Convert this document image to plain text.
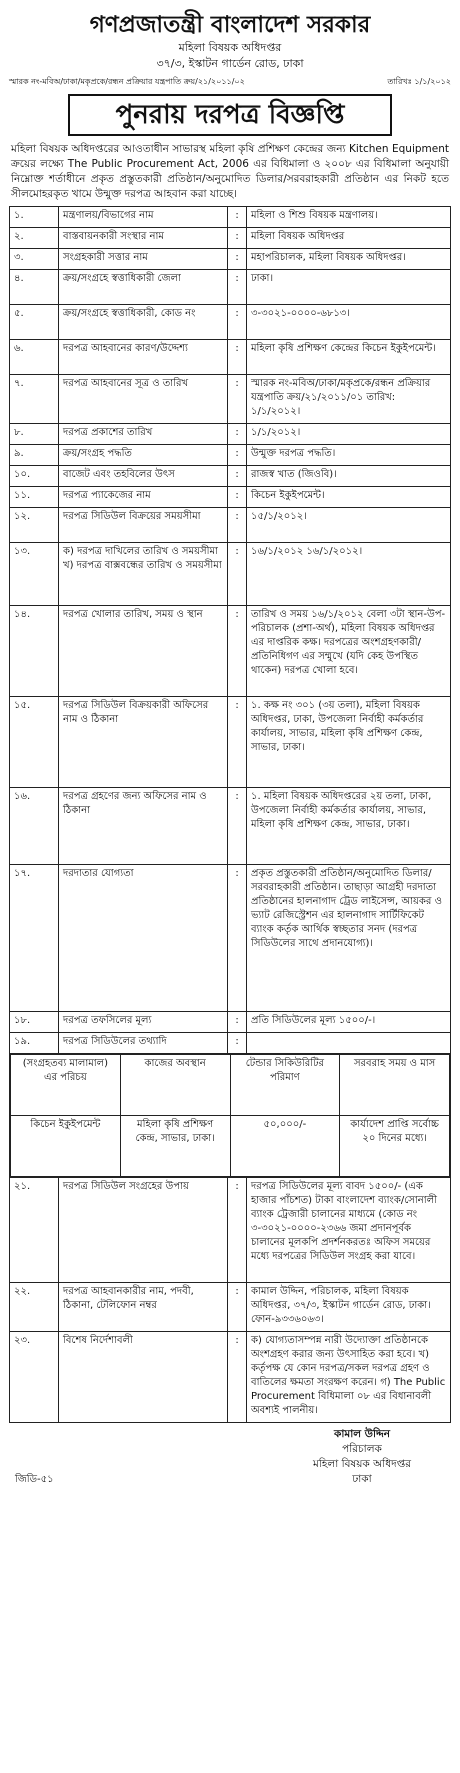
গণপ্রজাতন্ত্রী বাংলাদেশ সরকার
মহিলা বিষয়ক অধিদপ্তর
৩৭/৩, ইস্কাটন গার্ডেন রোড, ঢাকা
স্মারক নং-মবিঅ/ঢাকা/মকৃপ্রকে/রন্ধন প্রক্রিয়ার যন্ত্রপাতি ক্রয়/২১/২০১১/০২	তারিখঃ ১/১/২০১২
পুনরায় দরপত্র বিজ্ঞপ্তি
মহিলা বিষয়ক অধিদপ্তরের আওতাধীন সাভারস্থ মহিলা কৃষি প্রশিক্ষণ কেন্দ্রের জন্য Kitchen Equipment ক্রয়ের লক্ষ্যে The Public Procurement Act, 2006 এর বিধিমালা ও ২০০৮ এর বিধিমালা অনুযায়ী নিম্নোক্ত শর্তাধীনে প্রকৃত প্রস্তুতকারী প্রতিষ্ঠান/অনুমোদিত ডিলার/সরবরাহকারী প্রতিষ্ঠান এর নিকট হতে সীলমোহরকৃত খামে উন্মুক্ত দরপত্র আহবান করা যাচ্ছে।
১.	মন্ত্রণালয়/বিভাগের নাম	:	মহিলা ও শিশু বিষয়ক মন্ত্রণালয়।
২.	বাস্তবায়নকারী সংস্থার নাম	:	মহিলা বিষয়ক অধিদপ্তর
৩.	সংগ্রহকারী সত্তার নাম	:	মহাপরিচালক, মহিলা বিষয়ক অধিদপ্তর।
৪.	ক্রয়/সংগ্রহে স্বত্তাধিকারী জেলা	:	ঢাকা।
৫.	ক্রয়/সংগ্রহে স্বত্তাধিকারী, কোড নং	:	৩-৩০২১-০০০০-৬৮১৩।
৬.	দরপত্র আহবানের কারণ/উদ্দেশ্য	:	মহিলা কৃষি প্রশিক্ষণ কেন্দ্রের কিচেন ইকুইপমেন্ট।
৭.	দরপত্র আহবানের সূত্র ও তারিখ	:	স্মারক নং-মবিঅ/ঢাকা/মকৃপ্রকে/রন্ধন প্রক্রিয়ার যন্ত্রপাতি ক্রয়/২১/২০১১/০১ তারিখ: ১/১/২০১২।
৮.	দরপত্র প্রকাশের তারিখ	:	১/১/২০১২।
৯.	ক্রয়/সংগ্রহ পদ্ধতি	:	উন্মুক্ত দরপত্র পদ্ধতি।
১০.	বাজেট এবং তহবিলের উৎস	:	রাজস্ব খাত (জিওবি)।
১১.	দরপত্র প্যাকেজের নাম	:	কিচেন ইকুইপমেন্ট।
১২.	দরপত্র সিডিউল বিক্রয়ের সময়সীমা	:	১৫/১/২০১২।
১৩.	ক) দরপত্র দাখিলের তারিখ ও সময়সীমা খ) দরপত্র বাক্সবন্ধের তারিখ ও সময়সীমা	:	১৬/১/২০১২ ১৬/১/২০১২।
১৪.	দরপত্র খোলার তারিখ, সময় ও স্থান	:	তারিখ ও সময় ১৬/১/২০১২ বেলা ৩টা স্থান-উপ-পরিচালক (প্রশা-অর্থ), মহিলা বিষয়ক অধিদপ্তর এর দাপ্তরিক কক্ষ। দরপত্রের অংশগ্রহণকারী/ প্রতিনিধিগণ এর সম্মুখে (যদি কেহ উপস্থিত থাকেন) দরপত্র খোলা হবে।
১৫.	দরপত্র সিডিউল বিক্রয়কারী অফিসের নাম ও ঠিকানা	:	১. কক্ষ নং ৩০১ (৩য় তলা), মহিলা বিষয়ক অধিদপ্তর, ঢাকা, উপজেলা নির্বাহী কর্মকর্তার কার্যালয়, সাভার, মহিলা কৃষি প্রশিক্ষণ কেন্দ্র, সাভার, ঢাকা।
১৬.	দরপত্র গ্রহণের জন্য অফিসের নাম ও ঠিকানা	:	১. মহিলা বিষয়ক অধিদপ্তরের ২য় তলা, ঢাকা, উপজেলা নির্বাহী কর্মকর্তার কার্যালয়, সাভার, মহিলা কৃষি প্রশিক্ষণ কেন্দ্র, সাভার, ঢাকা।
১৭.	দরদাতার যোগ্যতা	:	প্রকৃত প্রস্তুতকারী প্রতিষ্ঠান/অনুমোদিত ডিলার/সরবরাহকারী প্রতিষ্ঠান। তাছাড়া আগ্রহী দরদাতা প্রতিষ্ঠানের হালনাগাদ ট্রেড লাইসেন্স, আয়কর ও ভ্যাট রেজিস্ট্রেশন এর হালনাগাদ সার্টিফিকেট ব্যাংক কর্তৃক আর্থিক স্বচ্ছতার সনদ (দরপত্র সিডিউলের সাথে প্রদানযোগ্য)।
১৮.	দরপত্র তফসিলের মূল্য	:	প্রতি সিডিউলের মূল্য ১৫০০/-।
১৯.	দরপত্র সিডিউলের তথ্যাদি	:	

(সংগ্রহতব্য মালামাল) এর পরিচয়	কাজের অবস্থান	টেন্ডার সিকিউরিটির পরিমাণ	সরবরাহ সময় ও মাস
কিচেন ইকুইপমেন্ট	মহিলা কৃষি প্রশিক্ষণ কেন্দ্র, সাভার, ঢাকা।	৫০,০০০/-	কার্যাদেশ প্রাপ্তি সর্বোচ্চ ২০ দিনের মধ্যে।

২১.	দরপত্র সিডিউল সংগ্রহের উপায়	:	দরপত্র সিডিউলের মূল্য বাবদ ১৫০০/- (এক হাজার পাঁচশত) টাকা বাংলাদেশ ব্যাংক/সোনালী ব্যাংক ট্রেজারী চালানের মাধ্যমে (কোড নং ৩-৩০২১-০০০০-২৩৬৬ জমা প্রদানপূর্বক চালানের মূলকপি প্রদর্শনকরতঃ অফিস সময়ের মধ্যে দরপত্রের সিডিউল সংগ্রহ করা যাবে।
২২.	দরপত্র আহবানকারীর নাম, পদবী, ঠিকানা, টেলিফোন নম্বর	:	কামাল উদ্দিন, পরিচালক, মহিলা বিষয়ক অধিদপ্তর, ৩৭/৩, ইস্কাটন গার্ডেন রোড, ঢাকা। ফোন-৯৩৩৬০৬৩।
২৩.	বিশেষ নির্দেশাবলী	:	ক) যোগ্যতাসম্পন্ন নারী উদ্যোক্তা প্রতিষ্ঠানকে অংশগ্রহণ করার জন্য উৎসাহিত করা হবে। খ) কর্তৃপক্ষ যে কোন দরপত্র/সকল দরপত্র গ্রহণ ও বাতিলের ক্ষমতা সংরক্ষণ করেন। গ) The Public Procurement বিধিমালা ০৮ এর বিধানাবলী অবশ্যই পালনীয়।
জিডি-৫১
কামাল উদ্দিন
পরিচালক
মহিলা বিষয়ক অধিদপ্তর
ঢাকা
